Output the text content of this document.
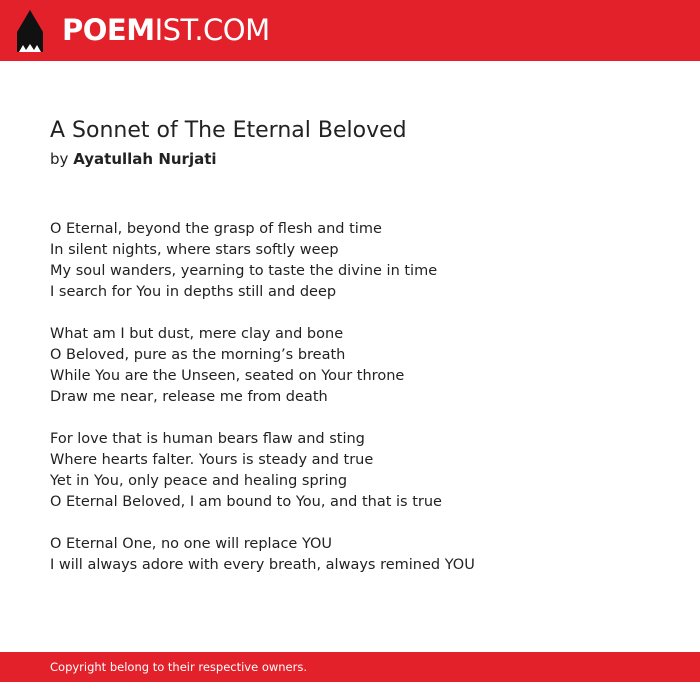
POEMIST.COM
A Sonnet of The Eternal Beloved
by Ayatullah Nurjati
O Eternal, beyond the grasp of flesh and time
In silent nights, where stars softly weep
My soul wanders, yearning to taste the divine in time
I search for You in depths still and deep
What am I but dust, mere clay and bone
O Beloved, pure as the morning’s breath
While You are the Unseen, seated on Your throne
Draw me near, release me from death
For love that is human bears flaw and sting
Where hearts falter. Yours is steady and true
Yet in You, only peace and healing spring
O Eternal Beloved, I am bound to You, and that is true
O Eternal One, no one will replace YOU
I will always adore with every breath, always remined YOU
Copyright belong to their respective owners.
